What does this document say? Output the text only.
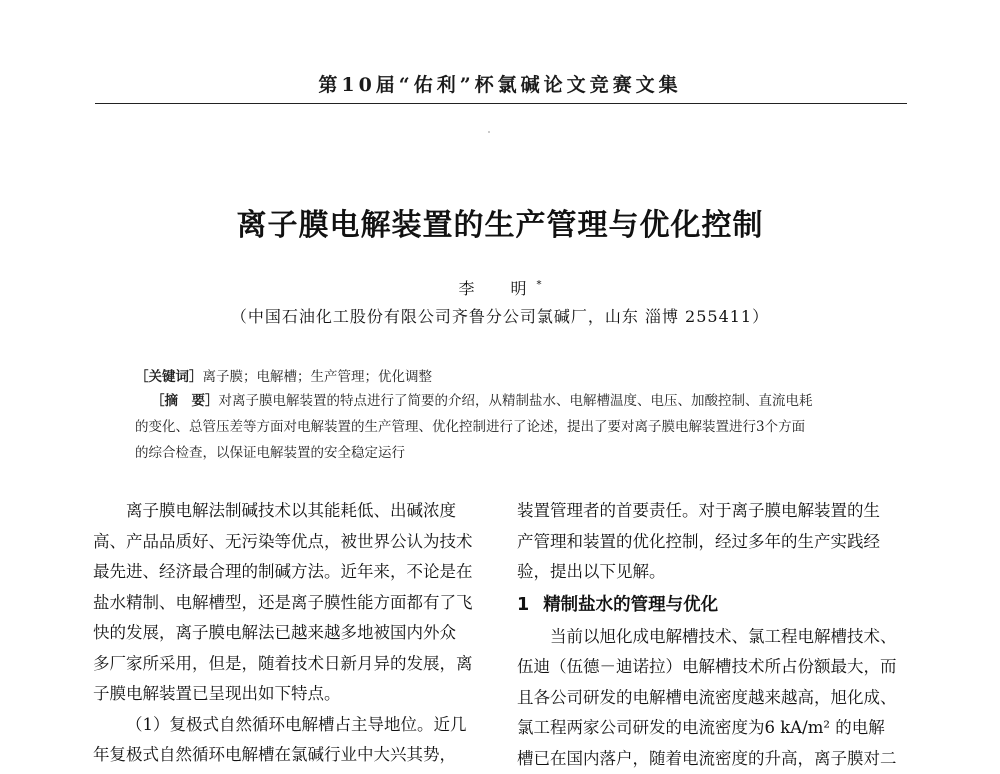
第10届“佑利”杯氯碱论文竞赛文集
离子膜电解装置的生产管理与优化控制
李　明*
（中国石油化工股份有限公司齐鲁分公司氯碱厂，山东 淄博 255411）
［关键词］离子膜；电解槽；生产管理；优化调整

［摘　要］对离子膜电解装置的特点进行了简要的介绍，从精制盐水、电解槽温度、电压、加酸控制、直流电耗

的变化、总管压差等方面对电解装置的生产管理、优化控制进行了论述，提出了要对离子膜电解装置进行3个方面

的综合检查，以保证电解装置的安全稳定运行

离子膜电解法制碱技术以其能耗低、出碱浓度
高、产品品质好、无污染等优点，被世界公认为技术
最先进、经济最合理的制碱方法。近年来，不论是在
盐水精制、电解槽型，还是离子膜性能方面都有了飞
快的发展，离子膜电解法已越来越多地被国内外众
多厂家所采用，但是，随着技术日新月异的发展，离
子膜电解装置已呈现出如下特点。

（1）复极式自然循环电解槽占主导地位。近几
年复极式自然循环电解槽在氯碱行业中大兴其势，

装置管理者的首要责任。对于离子膜电解装置的生
产管理和装置的优化控制，经过多年的生产实践经
验，提出以下见解。

1 精制盐水的管理与优化

当前以旭化成电解槽技术、氯工程电解槽技术、
伍迪（伍德－迪诺拉）电解槽技术所占份额最大，而
且各公司研发的电解槽电流密度越来越高，旭化成、
氯工程两家公司研发的电流密度为6 kA/m² 的电解
槽已在国内落户，随着电流密度的升高，离子膜对二
